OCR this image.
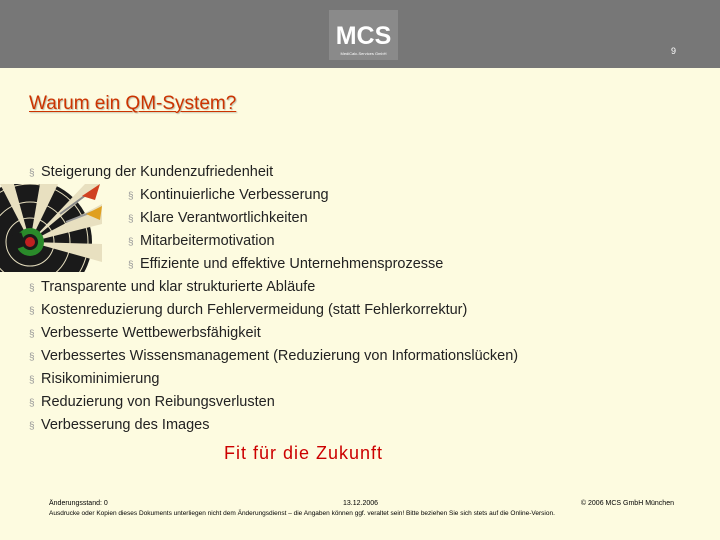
MCS
MediCalc-Services GmbH	9
Warum ein QM-System?
§ Steigerung der Kundenzufriedenheit
§ Kontinuierliche Verbesserung
§ Klare Verantwortlichkeiten
§ Mitarbeitermotivation
§ Effiziente und effektive Unternehmensprozesse
§ Transparente und klar strukturierte Abläufe
§ Kostenreduzierung durch Fehlervermeidung (statt Fehlerkorrektur)
§ Verbesserte Wettbewerbsfähigkeit
§ Verbessertes Wissensmanagement (Reduzierung von Informationslücken)
§ Risikominimierung
§ Reduzierung von Reibungsverlusten
§ Verbesserung des Images
Fit für die Zukunft
Änderungsstand: 0	13.12.2006	© 2006 MCS GmbH München
Ausdrucke oder Kopien dieses Dokuments unterliegen nicht dem Änderungsdienst – die Angaben können ggf. veraltet sein! Bitte beziehen Sie sich stets auf die Online-Version.
